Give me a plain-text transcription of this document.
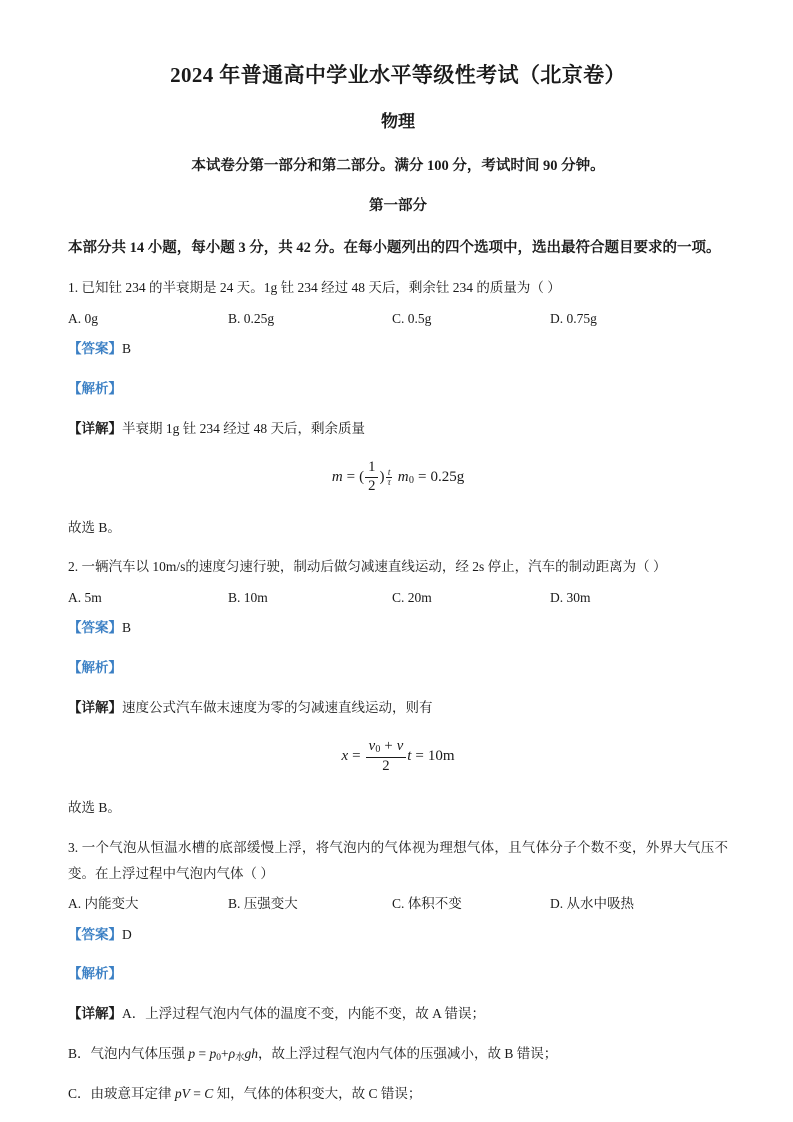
2024 年普通高中学业水平等级性考试（北京卷）
物理

本试卷分第一部分和第二部分。满分 100 分，考试时间 90 分钟。

第一部分

本部分共 14 小题，每小题 3 分，共 42 分。在每小题列出的四个选项中，选出最符合题目要求的一项。

1. 已知钍 234 的半衰期是 24 天。1g 钍 234 经过 48 天后，剩余钍 234 的质量为（ ）

A. 0g	B. 0.25g	C. 0.5g	D. 0.75g

【答案】B

【解析】

【详解】半衰期 1g 钍 234 经过 48 天后，剩余质量

m = ( $\frac{1}{2}$ ) $\frac{t}{\tau} m_0 = 0.25g$

故选 B。

2. 一辆汽车以 10m/s的速度匀速行驶，制动后做匀减速直线运动，经 2s 停止，汽车的制动距离为（ ）

A. 5m	B. 10m	C. 20m	D. 30m

【答案】B

【解析】

【详解】速度公式汽车做末速度为零的匀减速直线运动，则有

$x = \frac{v_0 + v}{2}$ t = 10m

故选 B。

3. 一个气泡从恒温水槽的底部缓慢上浮，将气泡内的气体视为理想气体，且气体分子个数不变，外界大气压不变。在上浮过程中气泡内气体（ ）

A. 内能变大	B. 压强变大	C. 体积不变	D. 从水中吸热

【答案】D

【解析】

【详解】A．上浮过程气泡内气体的温度不变，内能不变，故 A 错误；

B．气泡内气体压强 $p = p_0+\rho_水gh$，故上浮过程气泡内气体的压强减小，故 B 错误；

C．由玻意耳定律 pV = C 知，气体的体积变大，故 C 错误；
